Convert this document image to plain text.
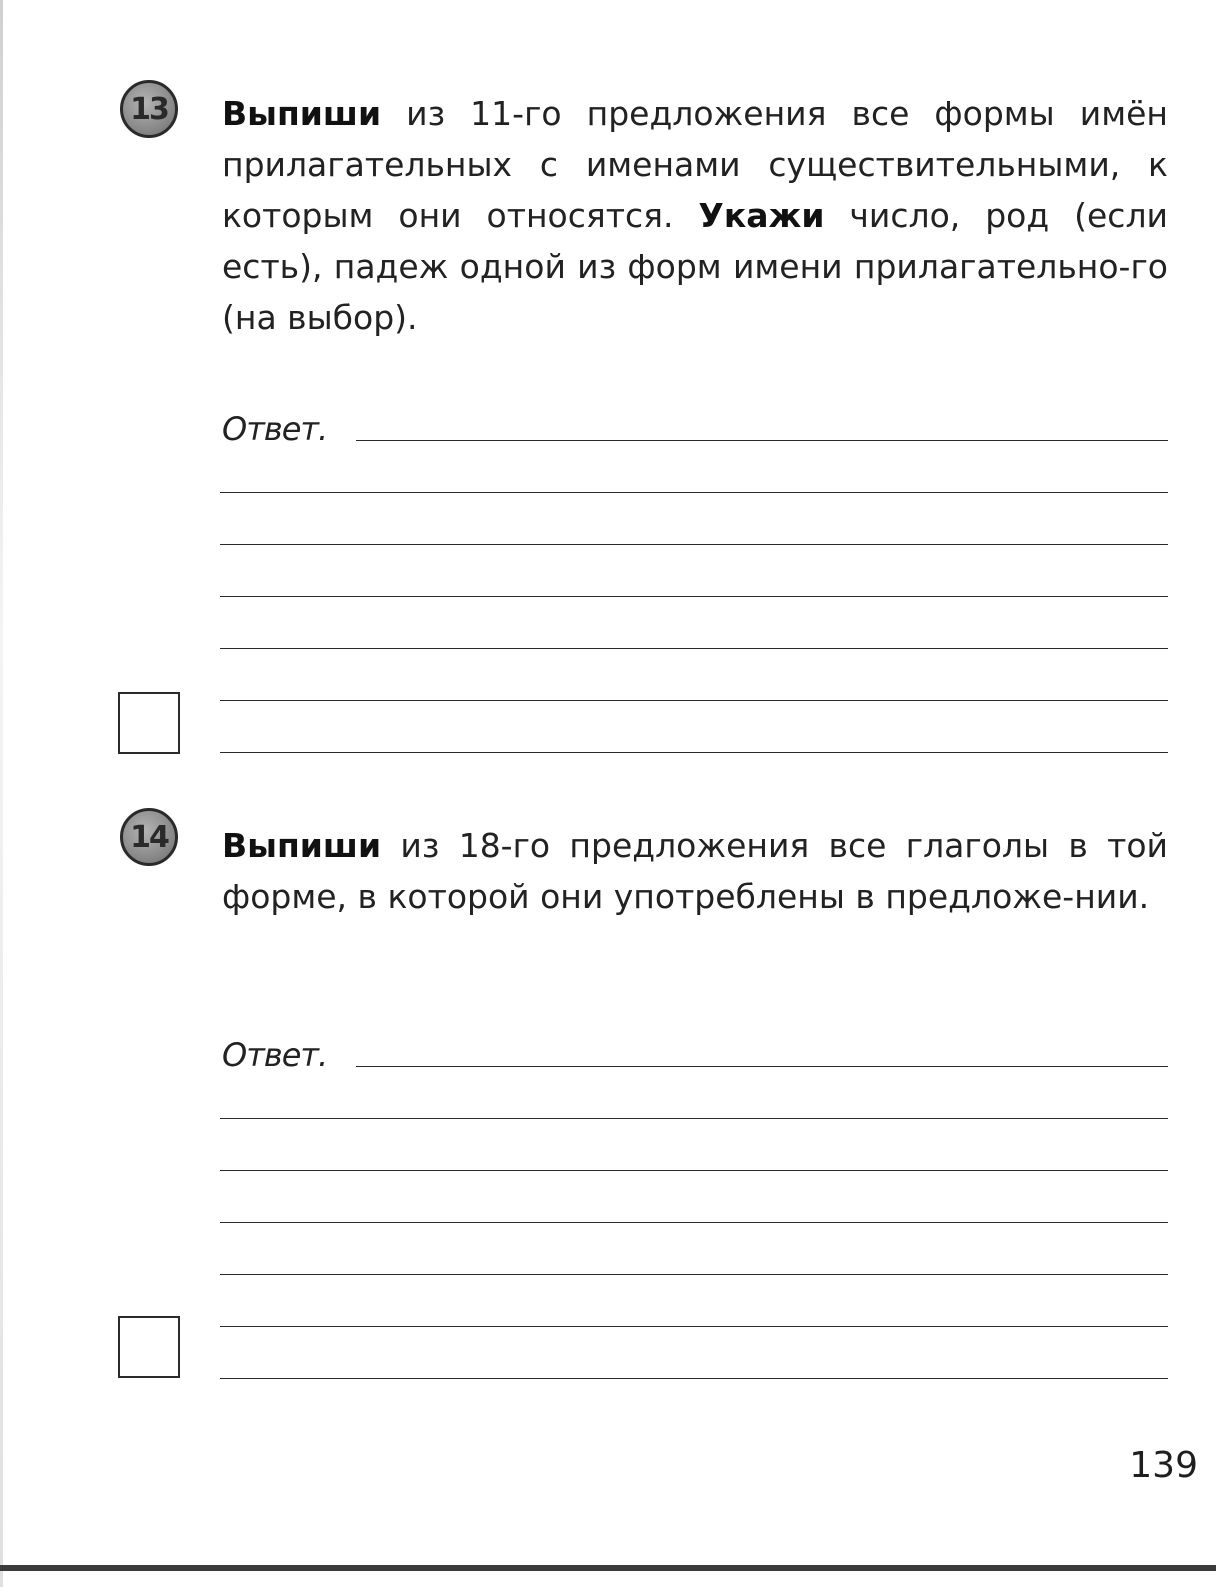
13 Выпиши из 11-го предложения все формы имён прилагательных с именами существительными, к которым они относятся. Укажи число, род (если есть), падеж одной из форм имени прилагательно-го (на выбор).
Ответ.
14 Выпиши из 18-го предложения все глаголы в той форме, в которой они употреблены в предложе-нии.
Ответ.
139
